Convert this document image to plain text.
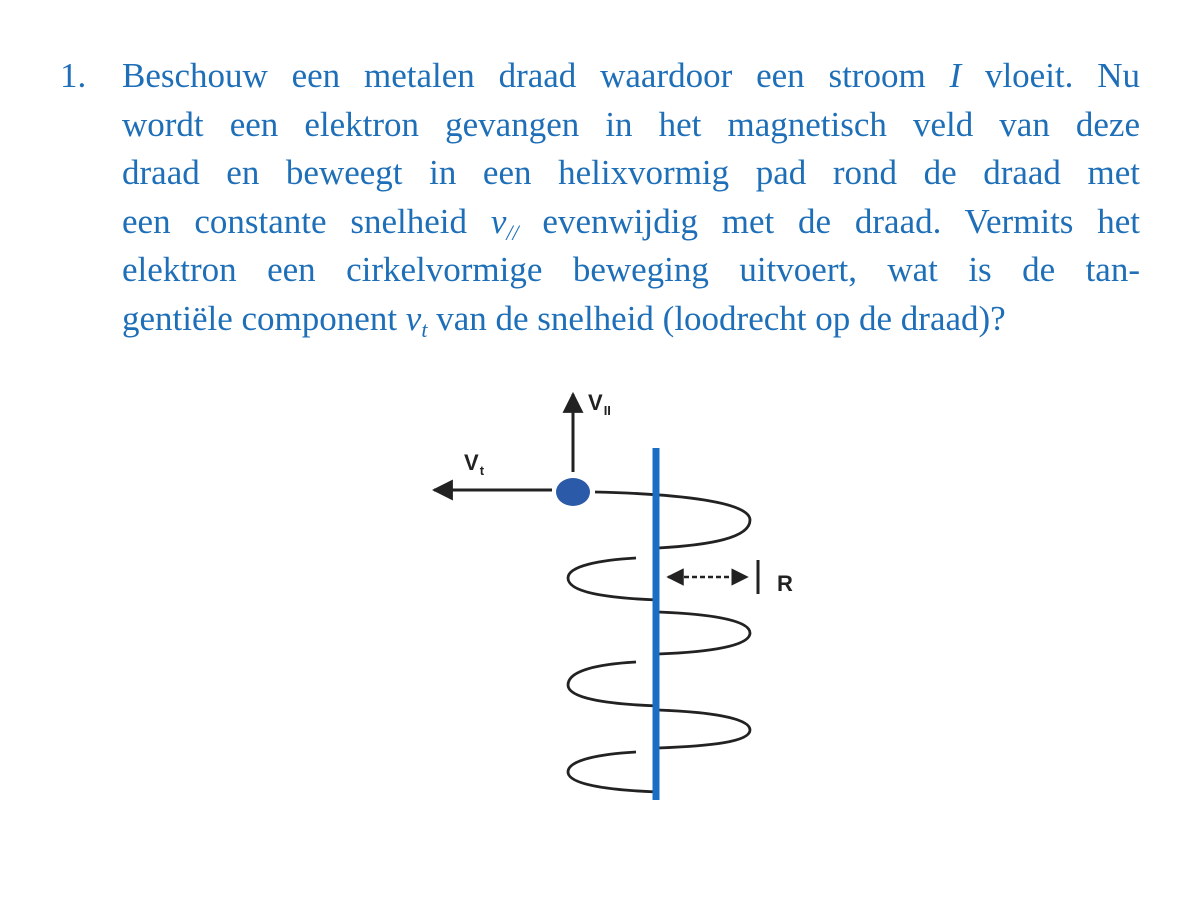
1.	Beschouw een metalen draad waardoor een stroom I vloeit. Nu
wordt een elektron gevangen in het magnetisch veld van deze
draad en beweegt in een helixvormig pad rond de draad met
een constante snelheid $v_{//}$ evenwijdig met de draad. Vermits het
elektron een cirkelvormige beweging uitvoert, wat is de tan-
gentiële component $v_t$ van de snelheid (loodrecht op de draad)?
$V_{II}$
$V_t$
R
